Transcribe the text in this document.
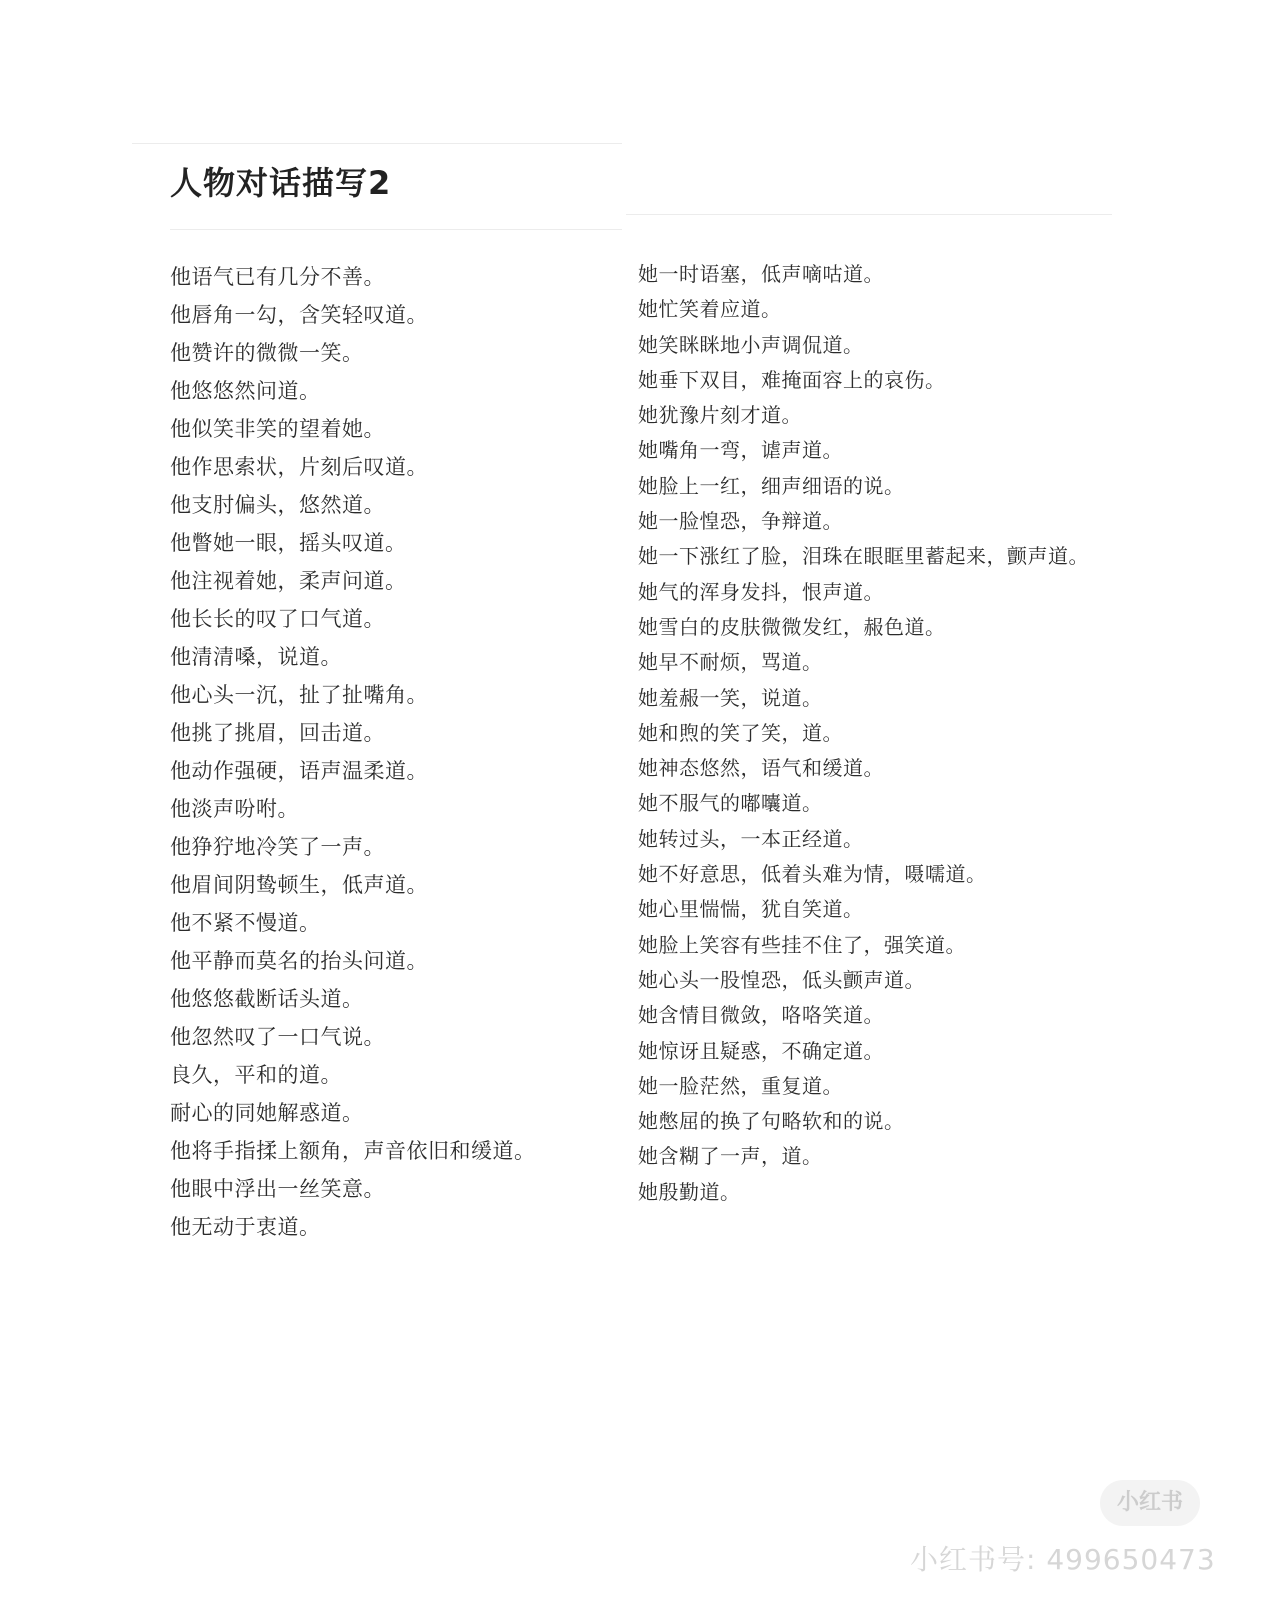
人物对话描写2
他语气已有几分不善。
他唇角一勾，含笑轻叹道。
他赞许的微微一笑。
他悠悠然问道。
他似笑非笑的望着她。
他作思索状，片刻后叹道。
他支肘偏头，悠然道。
他瞥她一眼，摇头叹道。
他注视着她，柔声问道。
他长长的叹了口气道。
他清清嗓，说道。
他心头一沉，扯了扯嘴角。
他挑了挑眉，回击道。
他动作强硬，语声温柔道。
他淡声吩咐。
他狰狞地冷笑了一声。
他眉间阴鸷顿生，低声道。
他不紧不慢道。
他平静而莫名的抬头问道。
他悠悠截断话头道。
他忽然叹了一口气说。
良久，平和的道。
耐心的同她解惑道。
他将手指揉上额角，声音依旧和缓道。
他眼中浮出一丝笑意。
他无动于衷道。
她一时语塞，低声嘀咕道。
她忙笑着应道。
她笑眯眯地小声调侃道。
她垂下双目，难掩面容上的哀伤。
她犹豫片刻才道。
她嘴角一弯，谑声道。
她脸上一红，细声细语的说。
她一脸惶恐，争辩道。
她一下涨红了脸，泪珠在眼眶里蓄起来，颤声道。
她气的浑身发抖，恨声道。
她雪白的皮肤微微发红，赧色道。
她早不耐烦，骂道。
她羞赧一笑，说道。
她和煦的笑了笑，道。
她神态悠然，语气和缓道。
她不服气的嘟囔道。
她转过头，一本正经道。
她不好意思，低着头难为情，嗫嚅道。
她心里惴惴，犹自笑道。
她脸上笑容有些挂不住了，强笑道。
她心头一股惶恐，低头颤声道。
她含情目微敛，咯咯笑道。
她惊讶且疑惑，不确定道。
她一脸茫然，重复道。
她憋屈的换了句略软和的说。
她含糊了一声，道。
她殷勤道。
小红书
小红书号: 499650473
